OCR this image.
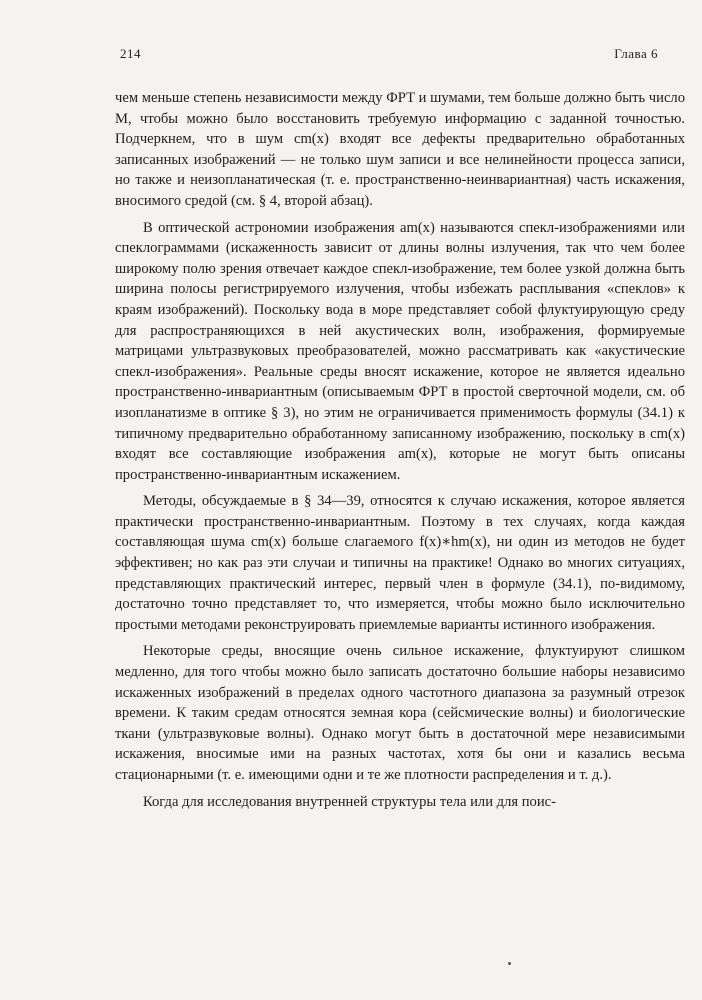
214	Глава 6

чем меньше степень независимости между ФРТ и шумами, тем больше должно быть число M, чтобы можно было восстановить требуемую информацию с заданной точностью. Подчеркнем, что в шум cm(x) входят все дефекты предварительно обработанных записанных изображений — не только шум записи и все нелинейности процесса записи, но также и неизопланатическая (т. е. пространственно-неинвариантная) часть искажения, вносимого средой (см. § 4, второй абзац).

В оптической астрономии изображения am(x) называются спекл-изображениями или спеклограммами (искаженность зависит от длины волны излучения, так что чем более широкому полю зрения отвечает каждое спекл-изображение, тем более узкой должна быть ширина полосы регистрируемого излучения, чтобы избежать расплывания «спеклов» к краям изображений). Поскольку вода в море представляет собой флуктуирующую среду для распространяющихся в ней акустических волн, изображения, формируемые матрицами ультразвуковых преобразователей, можно рассматривать как «акустические спекл-изображения». Реальные среды вносят искажение, которое не является идеально пространственно-инвариантным (описываемым ФРТ в простой сверточной модели, см. об изопланатизме в оптике § 3), но этим не ограничивается применимость формулы (34.1) к типичному предварительно обработанному записанному изображению, поскольку в cm(x) входят все составляющие изображения am(x), которые не могут быть описаны пространственно-инвариантным искажением.

Методы, обсуждаемые в § 34—39, относятся к случаю искажения, которое является практически пространственно-инвариантным. Поэтому в тех случаях, когда каждая составляющая шума cm(x) больше слагаемого f(x)∗hm(x), ни один из методов не будет эффективен; но как раз эти случаи и типичны на практике! Однако во многих ситуациях, представляющих практический интерес, первый член в формуле (34.1), по-видимому, достаточно точно представляет то, что измеряется, чтобы можно было исключительно простыми методами реконструировать приемлемые варианты истинного изображения.

Некоторые среды, вносящие очень сильное искажение, флуктуируют слишком медленно, для того чтобы можно было записать достаточно большие наборы независимо искаженных изображений в пределах одного частотного диапазона за разумный отрезок времени. К таким средам относятся земная кора (сейсмические волны) и биологические ткани (ультразвуковые волны). Однако могут быть в достаточной мере независимыми искажения, вносимые ими на разных частотах, хотя бы они и казались весьма стационарными (т. е. имеющими одни и те же плотности распределения и т. д.).

Когда для исследования внутренней структуры тела или для поис-
